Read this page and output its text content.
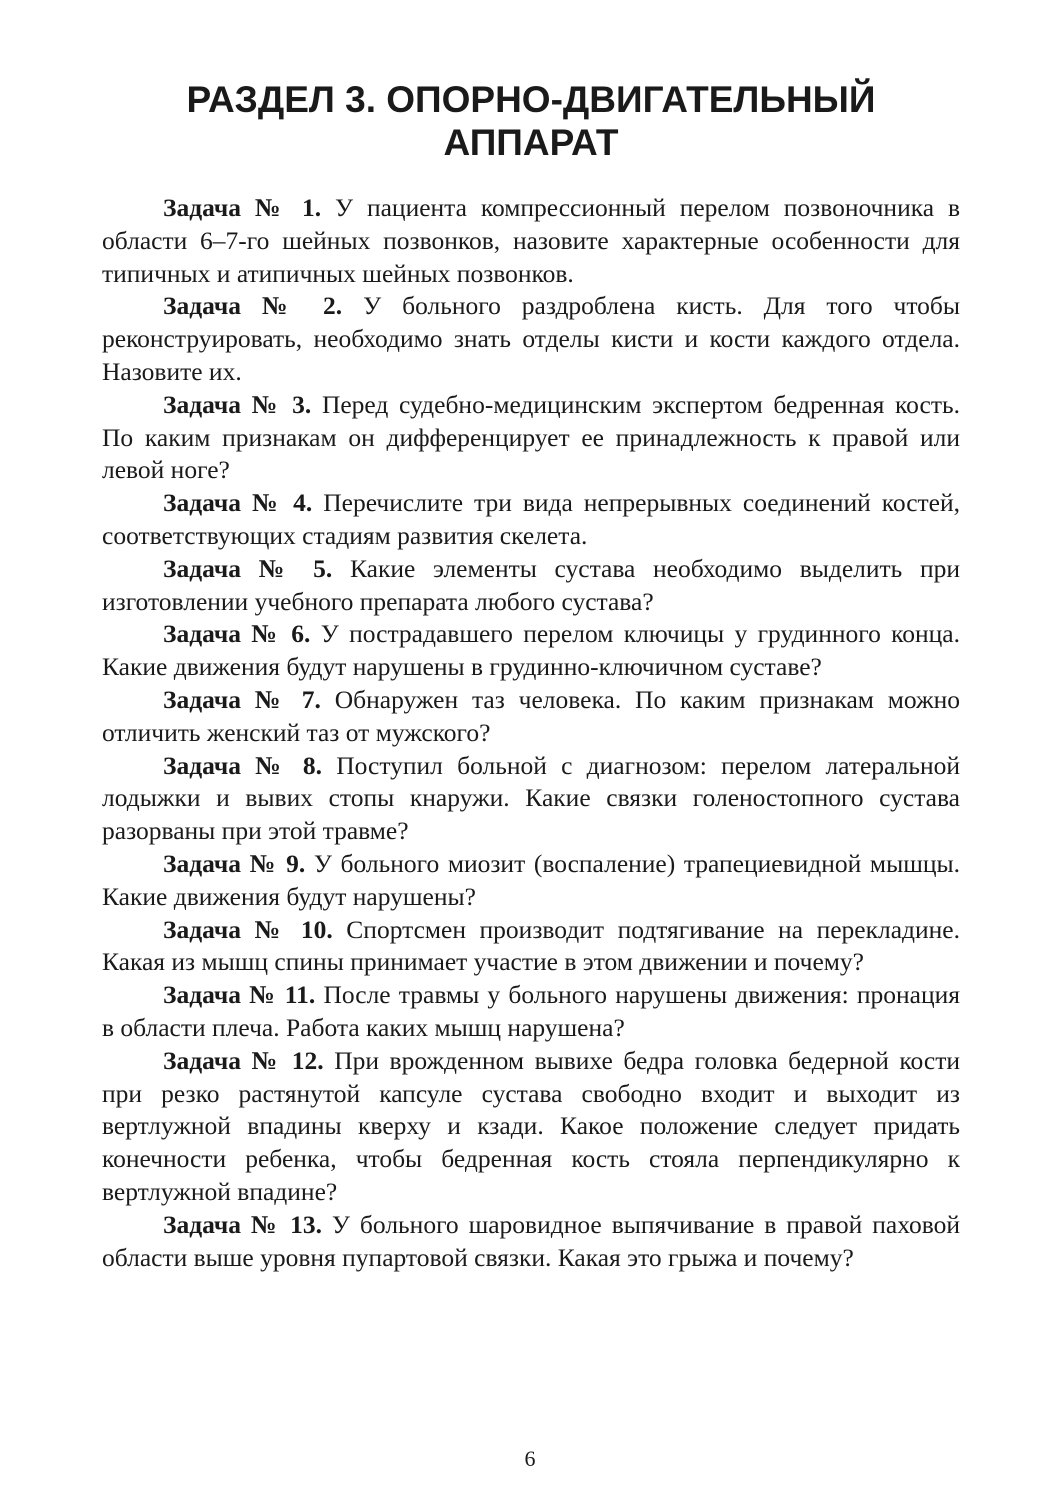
РАЗДЕЛ 3. ОПОРНО-ДВИГАТЕЛЬНЫЙ
АППАРАТ

Задача № 1. У пациента компрессионный перелом позвоночника в области 6–7-го шейных позвонков, назовите характерные особенности для типичных и атипичных шейных позвонков.

Задача № 2. У больного раздроблена кисть. Для того чтобы реконструировать, необходимо знать отделы кисти и кости каждого отдела. Назовите их.

Задача № 3. Перед судебно-медицинским экспертом бедренная кость. По каким признакам он дифференцирует ее принадлежность к правой или левой ноге?

Задача № 4. Перечислите три вида непрерывных соединений костей, соответствующих стадиям развития скелета.

Задача № 5. Какие элементы сустава необходимо выделить при изготовлении учебного препарата любого сустава?

Задача № 6. У пострадавшего перелом ключицы у грудинного конца. Какие движения будут нарушены в грудинно-ключичном суставе?

Задача № 7. Обнаружен таз человека. По каким признакам можно отличить женский таз от мужского?

Задача № 8. Поступил больной с диагнозом: перелом латеральной лодыжки и вывих стопы кнаружи. Какие связки голеностопного сустава разорваны при этой травме?

Задача № 9. У больного миозит (воспаление) трапециевидной мышцы. Какие движения будут нарушены?

Задача № 10. Спортсмен производит подтягивание на перекладине. Какая из мышц спины принимает участие в этом движении и почему?

Задача № 11. После травмы у больного нарушены движения: пронация в области плеча. Работа каких мышц нарушена?

Задача № 12. При врожденном вывихе бедра головка бедерной кости при резко растянутой капсуле сустава свободно входит и выходит из вертлужной впадины кверху и кзади. Какое положение следует придать конечности ребенка, чтобы бедренная кость стояла перпендикулярно к вертлужной впадине?

Задача № 13. У больного шаровидное выпячивание в правой паховой области выше уровня пупартовой связки. Какая это грыжа и почему?

6
